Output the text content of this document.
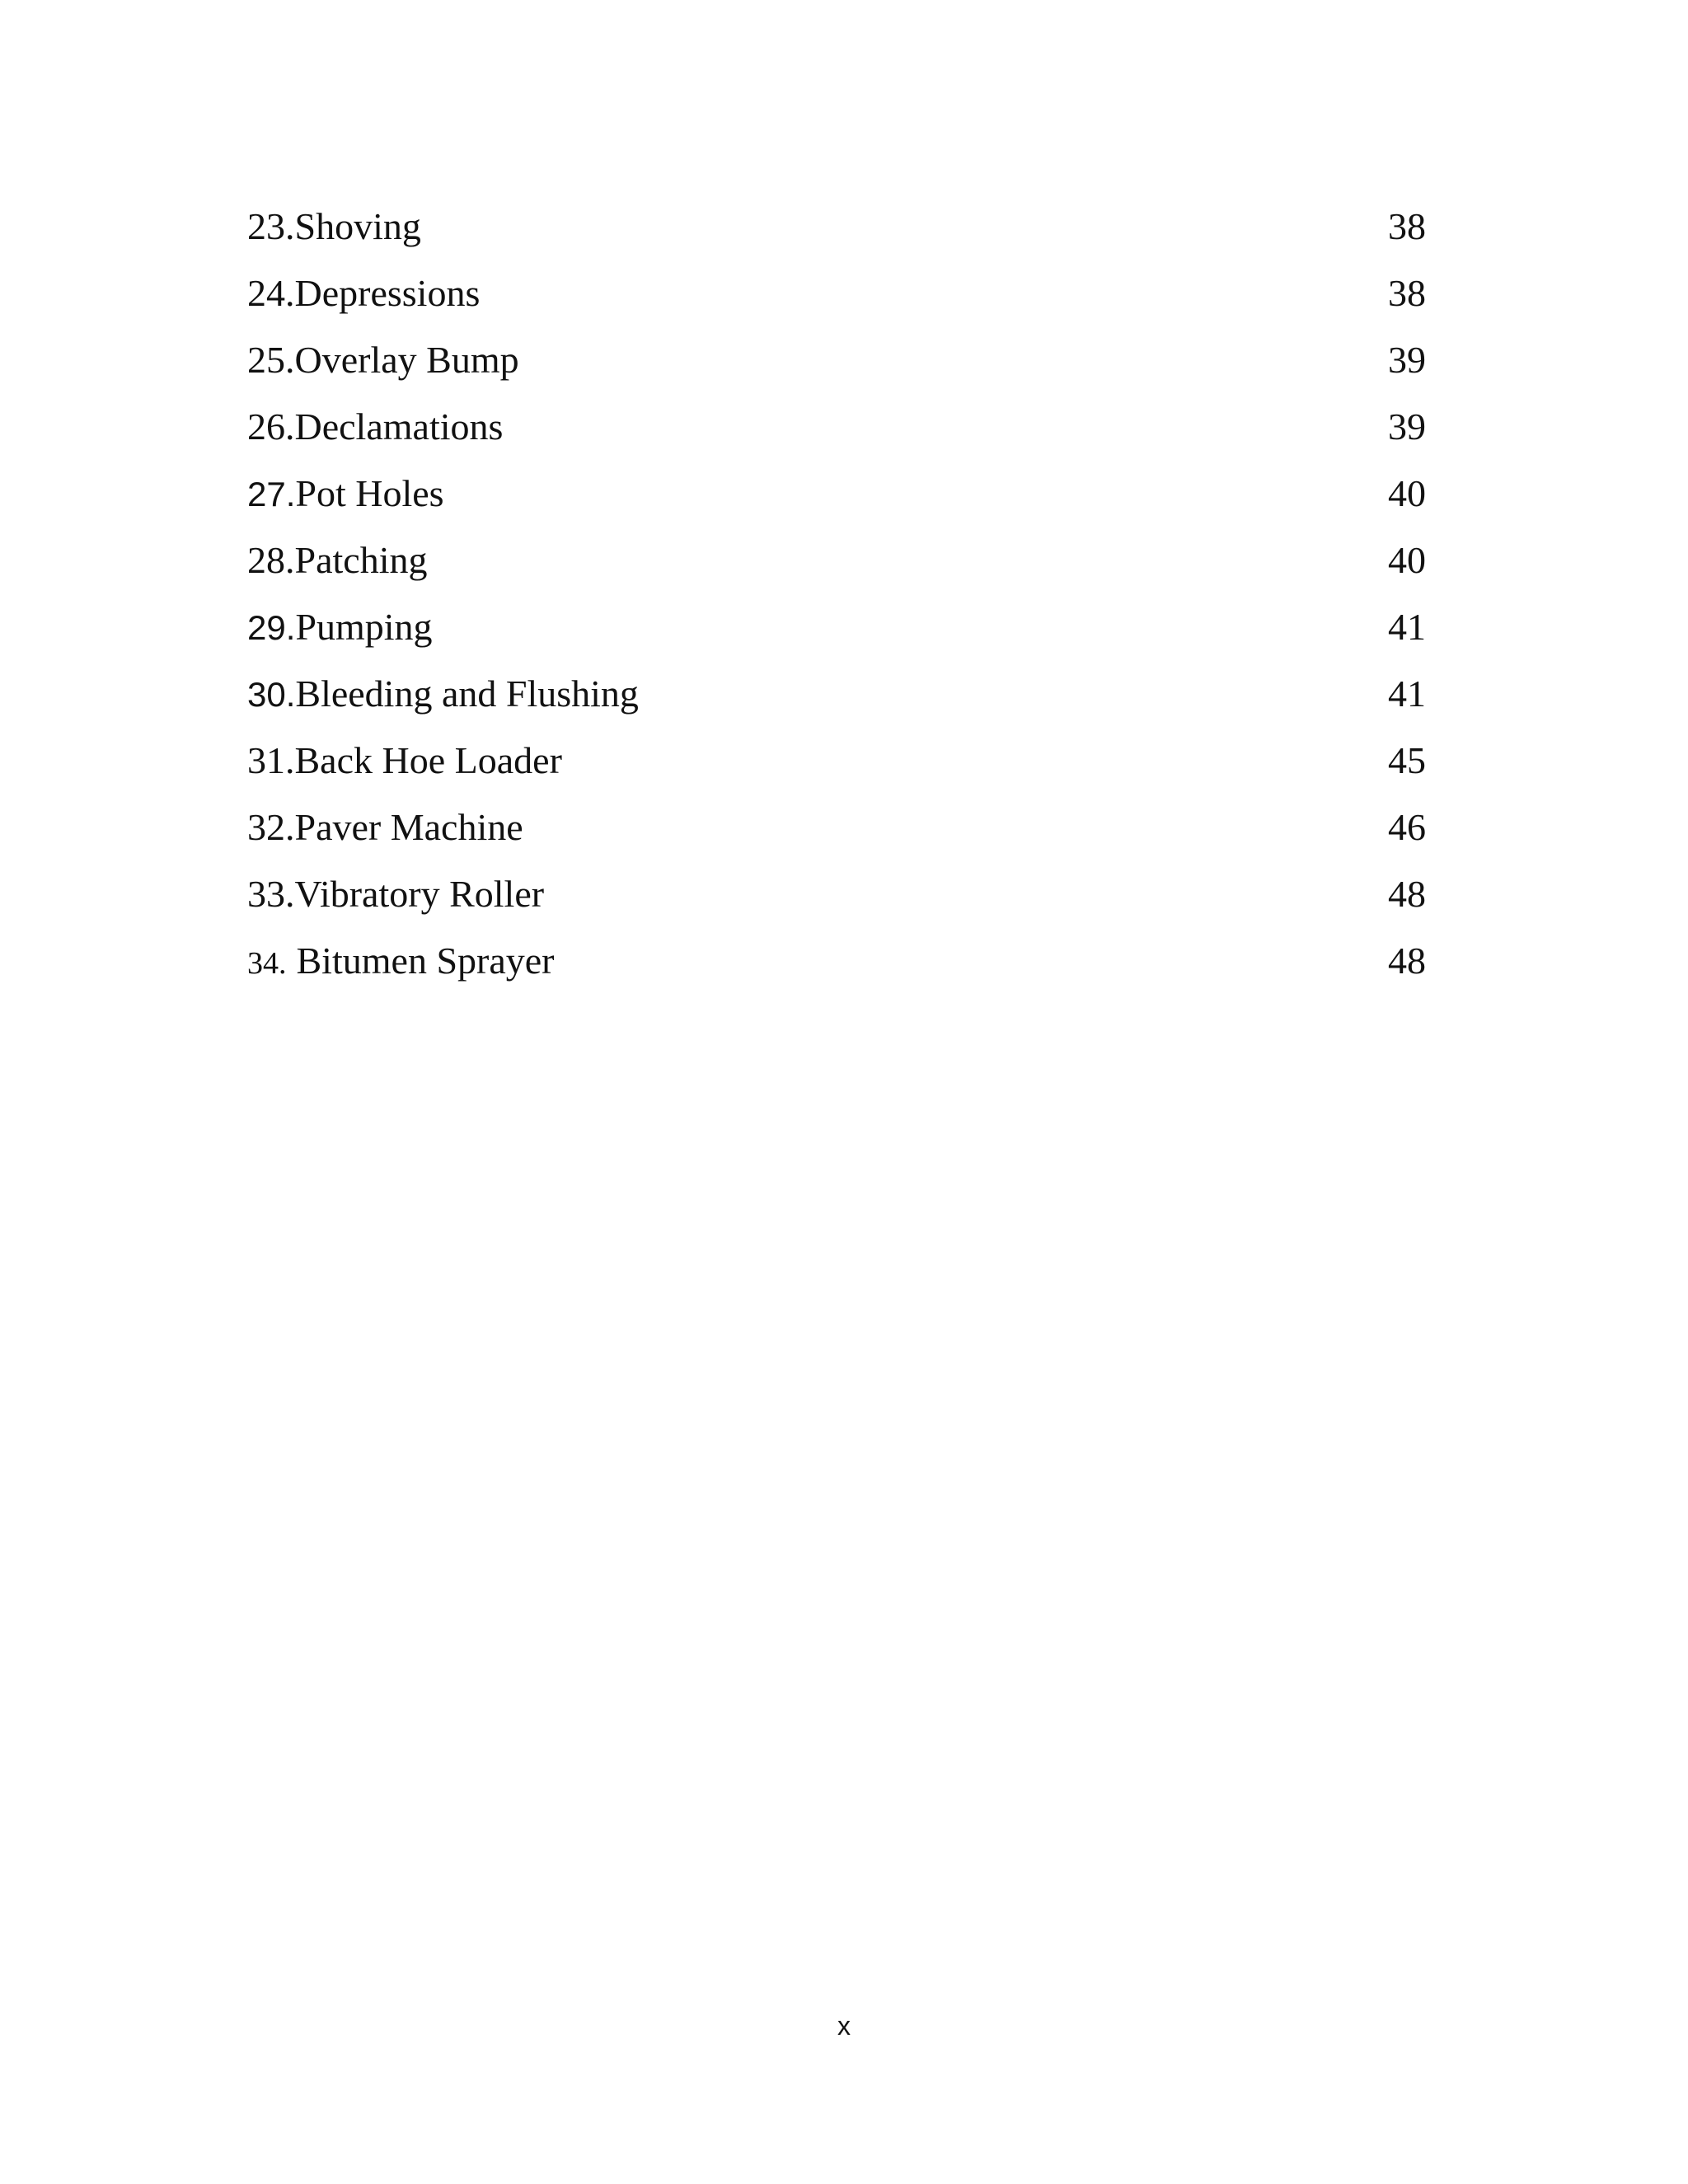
23. Shoving	38
24. Depressions	38
25. Overlay Bump	39
26. Declamations	39
27. Pot Holes	40
28. Patching	40
29. Pumping	41
30. Bleeding and Flushing	41
31. Back Hoe Loader	45
32. Paver Machine	46
33. Vibratory Roller	48
34. Bitumen Sprayer	48
x
